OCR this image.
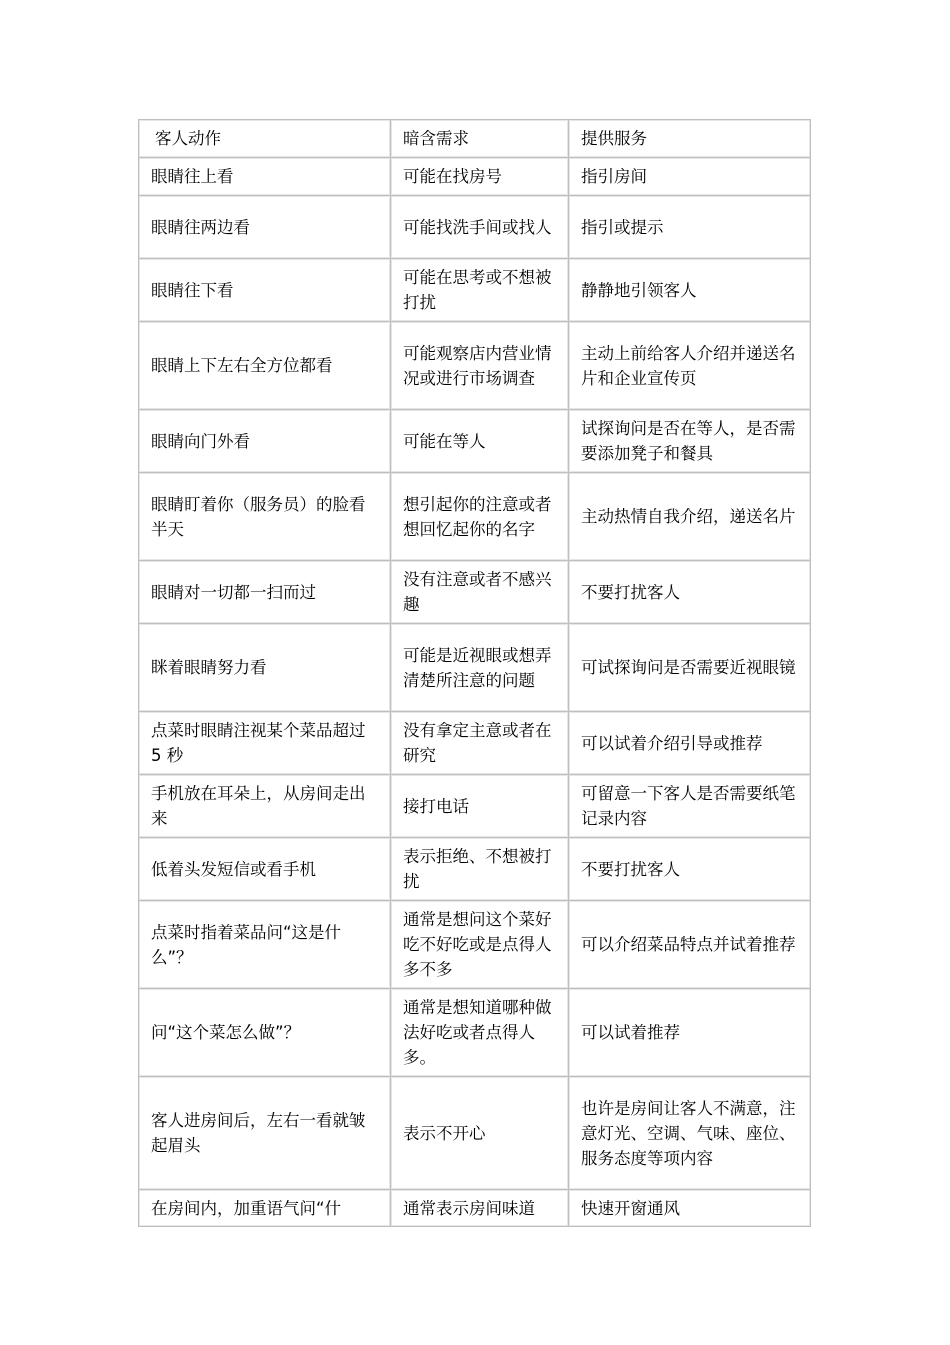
客人动作	暗含需求	提供服务
眼睛往上看	可能在找房号	指引房间
眼睛往两边看	可能找洗手间或找人	指引或提示
眼睛往下看	可能在思考或不想被打扰	静静地引领客人
眼睛上下左右全方位都看	可能观察店内营业情况或进行市场调查	主动上前给客人介绍并递送名片和企业宣传页
眼睛向门外看	可能在等人	试探询问是否在等人，是否需要添加凳子和餐具
眼睛盯着你（服务员）的脸看半天	想引起你的注意或者想回忆起你的名字	主动热情自我介绍，递送名片
眼睛对一切都一扫而过	没有注意或者不感兴趣	不要打扰客人
眯着眼睛努力看	可能是近视眼或想弄清楚所注意的问题	可试探询问是否需要近视眼镜
点菜时眼睛注视某个菜品超过 5 秒	没有拿定主意或者在研究	可以试着介绍引导或推荐
手机放在耳朵上，从房间走出来	接打电话	可留意一下客人是否需要纸笔记录内容
低着头发短信或看手机	表示拒绝、不想被打扰	不要打扰客人
点菜时指着菜品问“这是什么”？	通常是想问这个菜好吃不好吃或是点得人多不多	可以介绍菜品特点并试着推荐
问“这个菜怎么做”？	通常是想知道哪种做法好吃或者点得人多。	可以试着推荐
客人进房间后，左右一看就皱起眉头	表示不开心	也许是房间让客人不满意，注意灯光、空调、气味、座位、服务态度等项内容
在房间内，加重语气问“什	通常表示房间味道	快速开窗通风
